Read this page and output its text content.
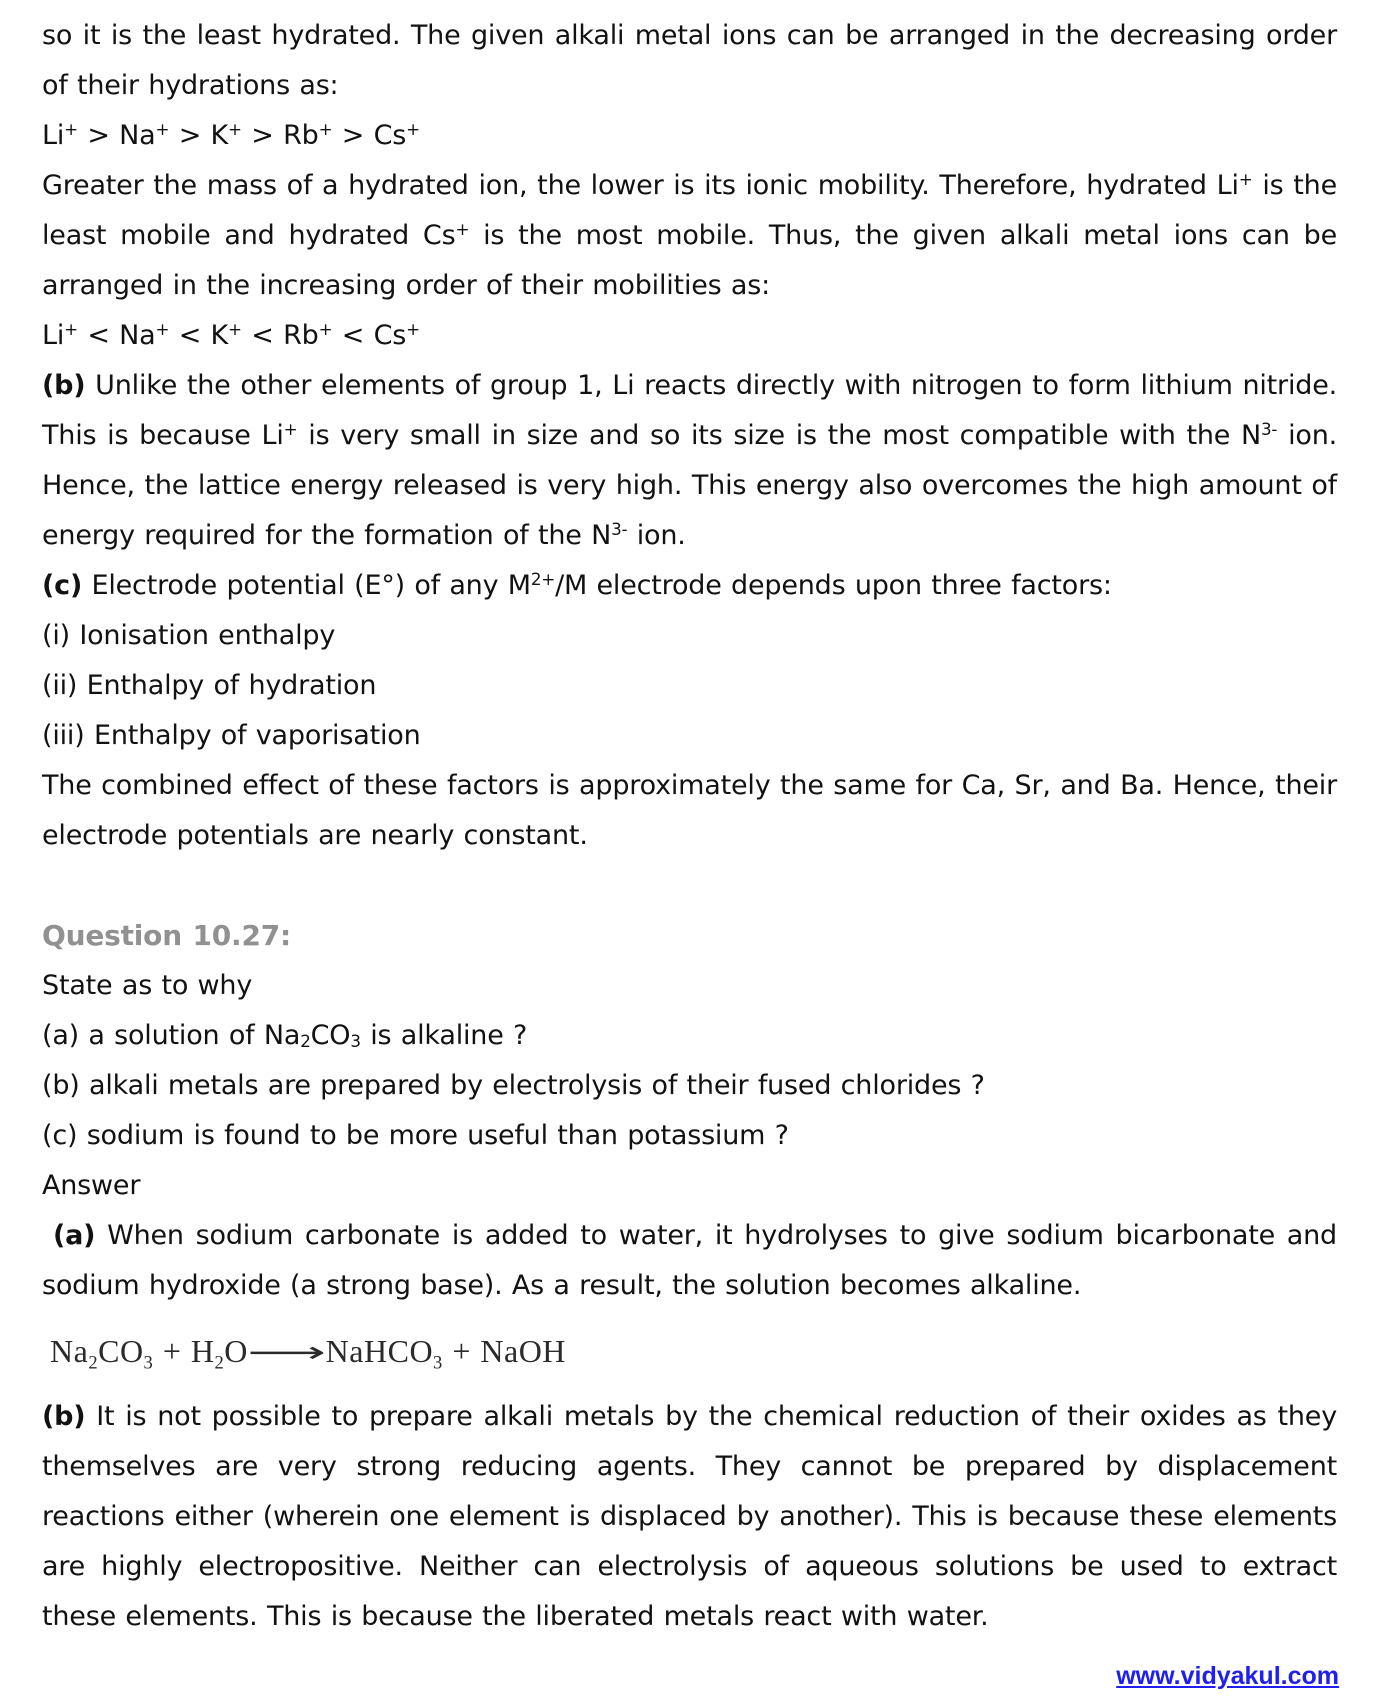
so it is the least hydrated. The given alkali metal ions can be arranged in the decreasing order of their hydrations as:

Li+ > Na+ > K+ > Rb+ > Cs+

Greater the mass of a hydrated ion, the lower is its ionic mobility. Therefore, hydrated Li+ is the least mobile and hydrated Cs+ is the most mobile. Thus, the given alkali metal ions can be arranged in the increasing order of their mobilities as:

Li+ < Na+ < K+ < Rb+ < Cs+

(b) Unlike the other elements of group 1, Li reacts directly with nitrogen to form lithium nitride. This is because Li+ is very small in size and so its size is the most compatible with the $N^{3-}$ ion. Hence, the lattice energy released is very high. This energy also overcomes the high amount of energy required for the formation of the $N^{3-}$ ion.

(c) Electrode potential (E°) of any $M^{2+}/M$ electrode depends upon three factors:

(i) Ionisation enthalpy

(ii) Enthalpy of hydration

(iii) Enthalpy of vaporisation

The combined effect of these factors is approximately the same for Ca, Sr, and Ba. Hence, their electrode potentials are nearly constant.

Question 10.27:

State as to why

(a) a solution of $Na_2CO_3$ is alkaline ?

(b) alkali metals are prepared by electrolysis of their fused chlorides ?

(c) sodium is found to be more useful than potassium ?

Answer

(a) When sodium carbonate is added to water, it hydrolyses to give sodium bicarbonate and sodium hydroxide (a strong base). As a result, the solution becomes alkaline.

$Na_2CO_3$ + $H_2O⟶NaHCO_3$ + NaOH

(b) It is not possible to prepare alkali metals by the chemical reduction of their oxides as they themselves are very strong reducing agents. They cannot be prepared by displacement reactions either (wherein one element is displaced by another). This is because these elements are highly electropositive. Neither can electrolysis of aqueous solutions be used to extract these elements. This is because the liberated metals react with water.

www.vidyakul.com
